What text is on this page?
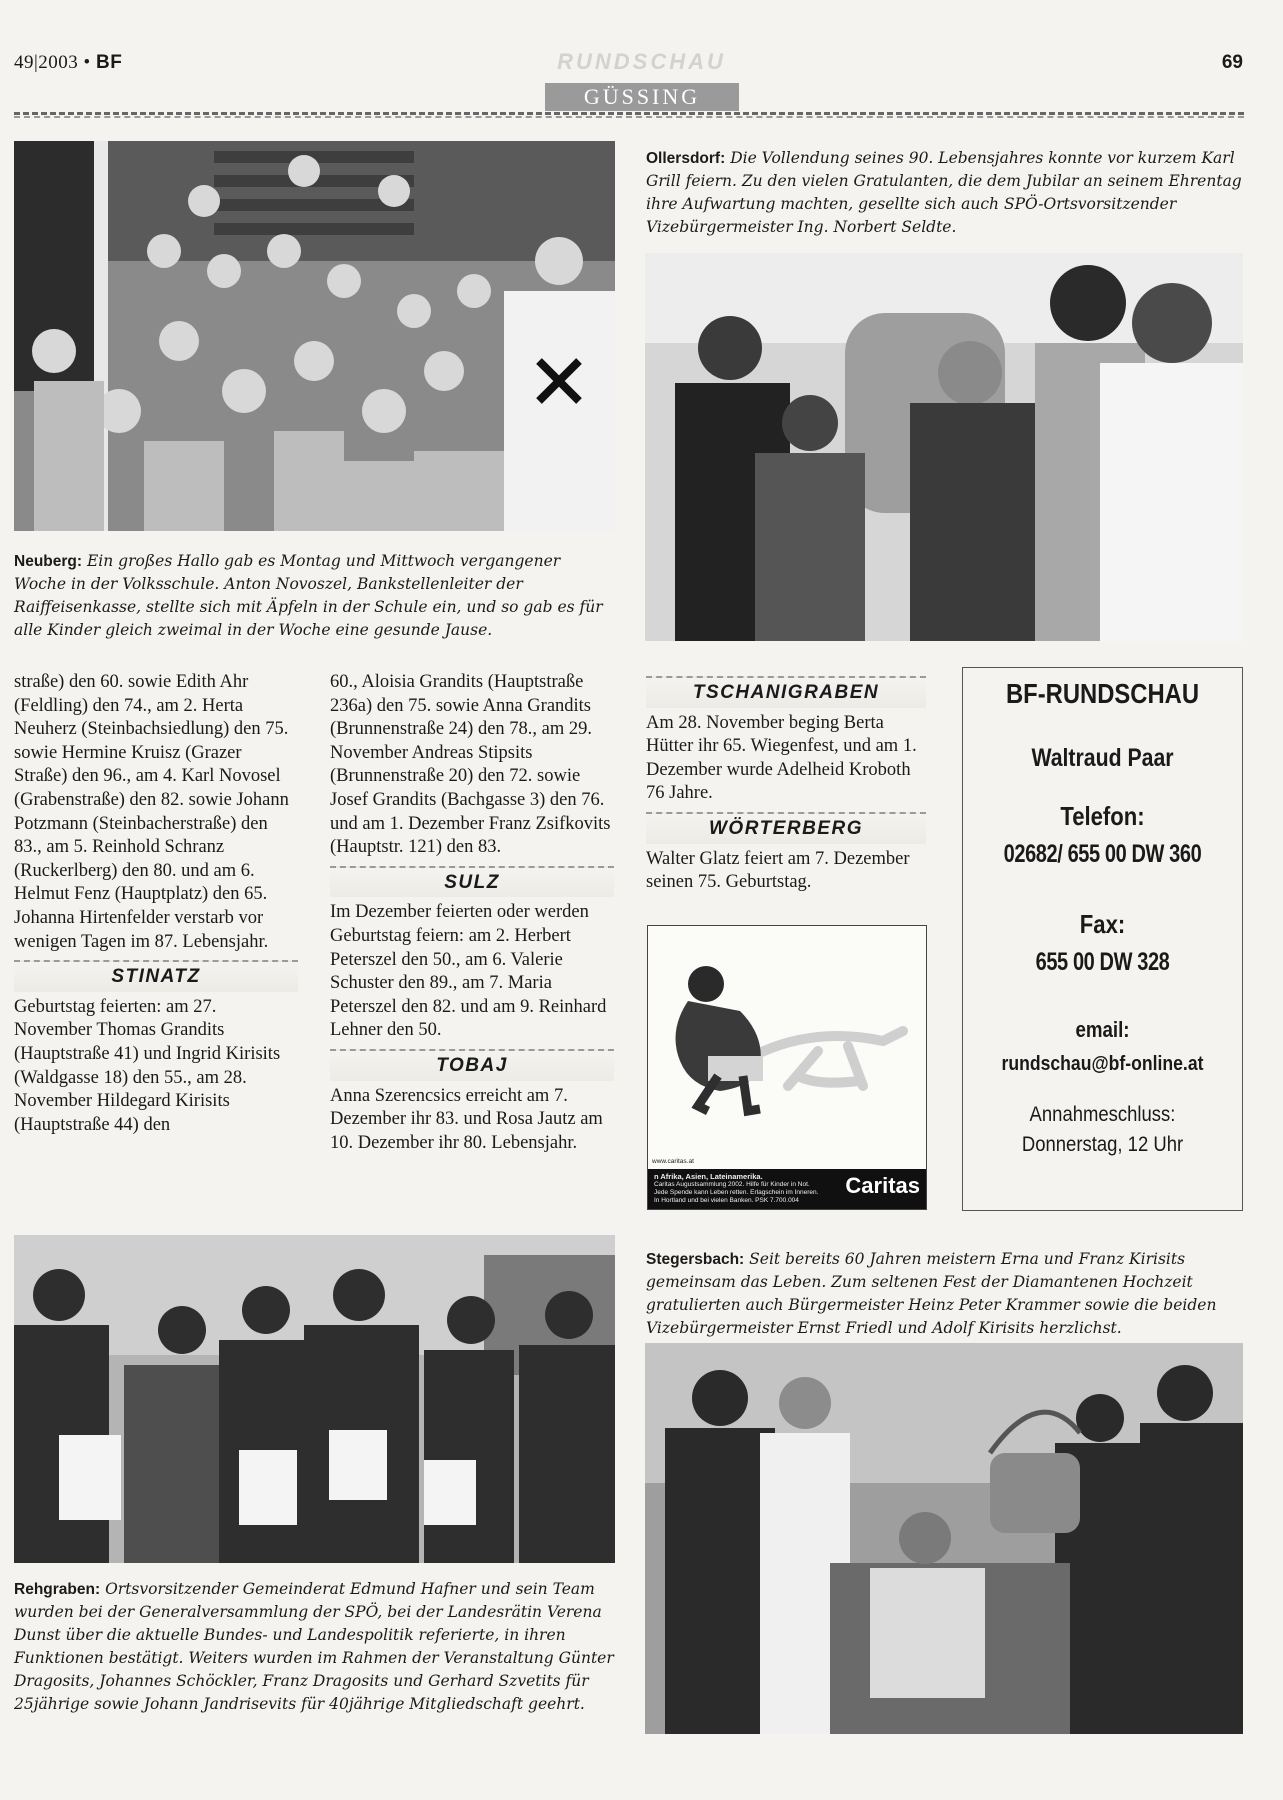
49|2003 • BF	RUNDSCHAU
GÜSSING
69
Neuberg: Ein großes Hallo gab es Montag und Mittwoch vergangener Woche in der Volksschule. Anton Novoszel, Bankstellenleiter der Raiffeisenkasse, stellte sich mit Äpfeln in der Schule ein, und so gab es für alle Kinder gleich zweimal in der Woche eine gesunde Jause.
Ollersdorf: Die Vollendung seines 90. Lebensjahres konnte vor kurzem Karl Grill feiern. Zu den vielen Gratulanten, die dem Jubilar an seinem Ehrentag ihre Aufwartung machten, gesellte sich auch SPÖ-Ortsvorsitzender Vizebürgermeister Ing. Norbert Seldte.

straße) den 60. sowie Edith Ahr (Feldling) den 74., am 2. Herta Neuherz (Steinbachsiedlung) den 75. sowie Hermine Kruisz (Grazer Straße) den 96., am 4. Karl Novosel (Grabenstraße) den 82. sowie Johann Potzmann (Steinbacherstraße) den 83., am 5. Reinhold Schranz (Ruckerlberg) den 80. und am 6. Helmut Fenz (Hauptplatz) den 65.

Johanna Hirtenfelder verstarb vor wenigen Tagen im 87. Lebensjahr.

STINATZ

Geburtstag feierten: am 27. November Thomas Grandits (Hauptstraße 41) und Ingrid Kirisits (Waldgasse 18) den 55., am 28. November Hildegard Kirisits (Hauptstraße 44) den

60., Aloisia Grandits (Hauptstraße 236a) den 75. sowie Anna Grandits (Brunnenstraße 24) den 78., am 29. November Andreas Stipsits (Brunnenstraße 20) den 72. sowie Josef Grandits (Bachgasse 3) den 76. und am 1. Dezember Franz Zsifkovits (Hauptstr. 121) den 83.

SULZ

Im Dezember feierten oder werden Geburtstag feiern: am 2. Herbert Peterszel den 50., am 6. Valerie Schuster den 89., am 7. Maria Peterszel den 82. und am 9. Reinhard Lehner den 50.

TOBAJ

Anna Szerencsics erreicht am 7. Dezember ihr 83. und Rosa Jautz am 10. Dezember ihr 80. Lebensjahr.

TSCHANIGRABEN

Am 28. November beging Berta Hütter ihr 65. Wiegenfest, und am 1. Dezember wurde Adelheid Kroboth 76 Jahre.

WÖRTERBERG

Walter Glatz feiert am 7. Dezember seinen 75. Geburtstag.

www.caritas.at
n Afrika, Asien, Lateinamerika.
Caritas Augustsammlung 2002. Hilfe für Kinder in Not.
Jede Spende kann Leben retten. Erlagschein im Inneren.
In Hortland und bei vielen Banken. PSK 7.700.004
Caritas
BF-RUNDSCHAU
Waltraud Paar
Telefon:
02682/ 655 00 DW 360
Fax:
655 00 DW 328
email:
rundschau@bf-online.at
Annahmeschluss:
Donnerstag, 12 Uhr
Rehgraben: Ortsvorsitzender Gemeinderat Edmund Hafner und sein Team wurden bei der Generalversammlung der SPÖ, bei der Landesrätin Verena Dunst über die aktuelle Bundes- und Landespolitik referierte, in ihren Funktionen bestätigt. Weiters wurden im Rahmen der Veranstaltung Günter Dragosits, Johannes Schöckler, Franz Dragosits und Gerhard Szvetits für 25jährige sowie Johann Jandrisevits für 40jährige Mitgliedschaft geehrt.
Stegersbach: Seit bereits 60 Jahren meistern Erna und Franz Kirisits gemeinsam das Leben. Zum seltenen Fest der Diamantenen Hochzeit gratulierten auch Bürgermeister Heinz Peter Krammer sowie die beiden Vizebürgermeister Ernst Friedl und Adolf Kirisits herzlichst.
